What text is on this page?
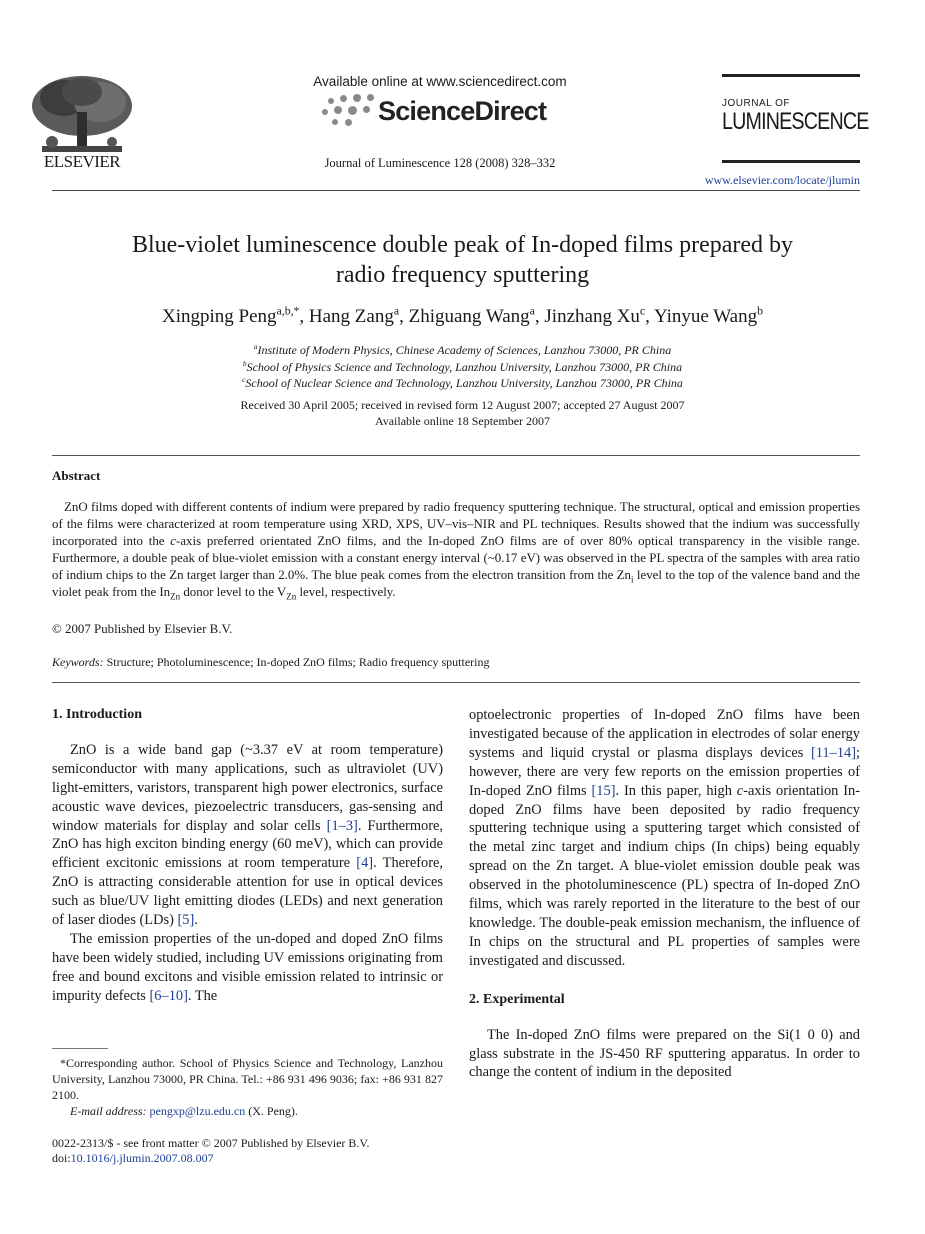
ELSEVIER
Available online at www.sciencedirect.com
ScienceDirect
Journal of Luminescence 128 (2008) 328–332
JOURNAL OF
LUMINESCENCE
www.elsevier.com/locate/jlumin
Blue-violet luminescence double peak of In-doped films prepared by
radio frequency sputtering
Xingping Peng$^{a,b,*}$, Hang Zang$^a$, Zhiguang Wang$^a$, Jinzhang Xu$^c$, Yinyue Wang$^b$
$^a$Institute of Modern Physics, Chinese Academy of Sciences, Lanzhou 73000, PR China
$^b$School of Physics Science and Technology, Lanzhou University, Lanzhou 73000, PR China
$^c$School of Nuclear Science and Technology, Lanzhou University, Lanzhou 73000, PR China
Received 30 April 2005; received in revised form 12 August 2007; accepted 27 August 2007
Available online 18 September 2007
Abstract
ZnO films doped with different contents of indium were prepared by radio frequency sputtering technique. The structural, optical and emission properties of the films were characterized at room temperature using XRD, XPS, UV–vis–NIR and PL techniques. Results showed that the indium was successfully incorporated into the c-axis preferred orientated ZnO films, and the In-doped ZnO films are of over 80% optical transparency in the visible range. Furthermore, a double peak of blue-violet emission with a constant energy interval (~0.17 eV) was observed in the PL spectra of the samples with area ratio of indium chips to the Zn target larger than 2.0%. The blue peak comes from the electron transition from the $Zn_i$ level to the top of the valence band and the violet peak from the $In_{Zn}$ donor level to the $V_{Zn}$ level, respectively.
© 2007 Published by Elsevier B.V.
Keywords: Structure; Photoluminescence; In-doped ZnO films; Radio frequency sputtering

1. Introduction

ZnO is a wide band gap (~3.37 eV at room temperature) semiconductor with many applications, such as ultraviolet (UV) light-emitters, varistors, transparent high power electronics, surface acoustic wave devices, piezoelectric transducers, gas-sensing and window materials for display and solar cells [1–3]. Furthermore, ZnO has high exciton binding energy (60 meV), which can provide efficient excitonic emissions at room temperature [4]. Therefore, ZnO is attracting considerable attention for use in optical devices such as blue/UV light emitting diodes (LEDs) and next generation of laser diodes (LDs) [5].

The emission properties of the un-doped and doped ZnO films have been widely studied, including UV emissions originating from free and bound excitons and visible emission related to intrinsic or impurity defects [6–10]. The

*Corresponding author. School of Physics Science and Technology, Lanzhou University, Lanzhou 73000, PR China. Tel.: +86 931 496 9036; fax: +86 931 827 2100.
E-mail address: pengxp@lzu.edu.cn (X. Peng).
0022-2313/$ - see front matter © 2007 Published by Elsevier B.V.
doi:10.1016/j.jlumin.2007.08.007

optoelectronic properties of In-doped ZnO films have been investigated because of the application in electrodes of solar energy systems and liquid crystal or plasma displays devices [11–14]; however, there are very few reports on the emission properties of In-doped ZnO films [15]. In this paper, high c-axis orientation In-doped ZnO films have been deposited by radio frequency sputtering technique using a sputtering target which consisted of the metal zinc target and indium chips (In chips) being equably spread on the Zn target. A blue-violet emission double peak was observed in the photoluminescence (PL) spectra of In-doped ZnO films, which was rarely reported in the literature to the best of our knowledge. The double-peak emission mechanism, the influence of In chips on the structural and PL properties of samples were investigated and discussed.

2. Experimental

The In-doped ZnO films were prepared on the Si(1 0 0) and glass substrate in the JS-450 RF sputtering apparatus. In order to change the content of indium in the deposited
